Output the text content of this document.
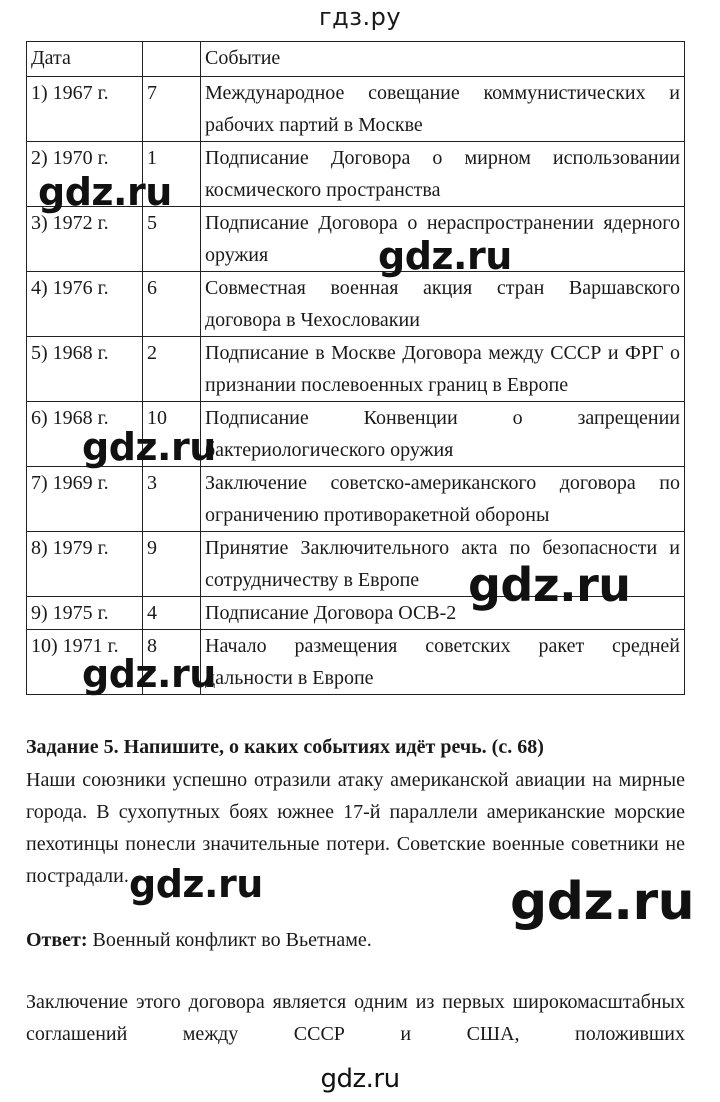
гдз.ру
Дата		Событие
1) 1967 г.	7	Международное совещание коммунистических и рабочих партий в Москве
2) 1970 г.	1	Подписание Договора о мирном использовании космического пространства
3) 1972 г.	5	Подписание Договора о нераспространении ядерного оружия
4) 1976 г.	6	Совместная военная акция стран Варшавского договора в Чехословакии
5) 1968 г.	2	Подписание в Москве Договора между СССР и ФРГ о признании послевоенных границ в Европе
6) 1968 г.	10	Подписание Конвенции о запрещении бактериологического оружия
7) 1969 г.	3	Заключение советско-американского договора по ограничению противоракетной обороны
8) 1979 г.	9	Принятие Заключительного акта по безопасности и сотрудничеству в Европе
9) 1975 г.	4	Подписание Договора ОСВ-2
10) 1971 г.	8	Начало размещения советских ракет средней дальности в Европе
Задание 5. Напишите, о каких событиях идёт речь. (с. 68)
Наши союзники успешно отразили атаку американской авиации на мирные города. В сухопутных боях южнее 17-й параллели американские морские пехотинцы понесли значительные потери. Советские военные советники не пострадали.
Ответ: Военный конфликт во Вьетнаме.
Заключение этого договора является одним из первых широкомасштабных соглашений между СССР и США, положивших
gdz.ru
gdz.ru
gdz.ru
gdz.ru
gdz.ru
gdz.ru	gdz.ru
gdz.ru
